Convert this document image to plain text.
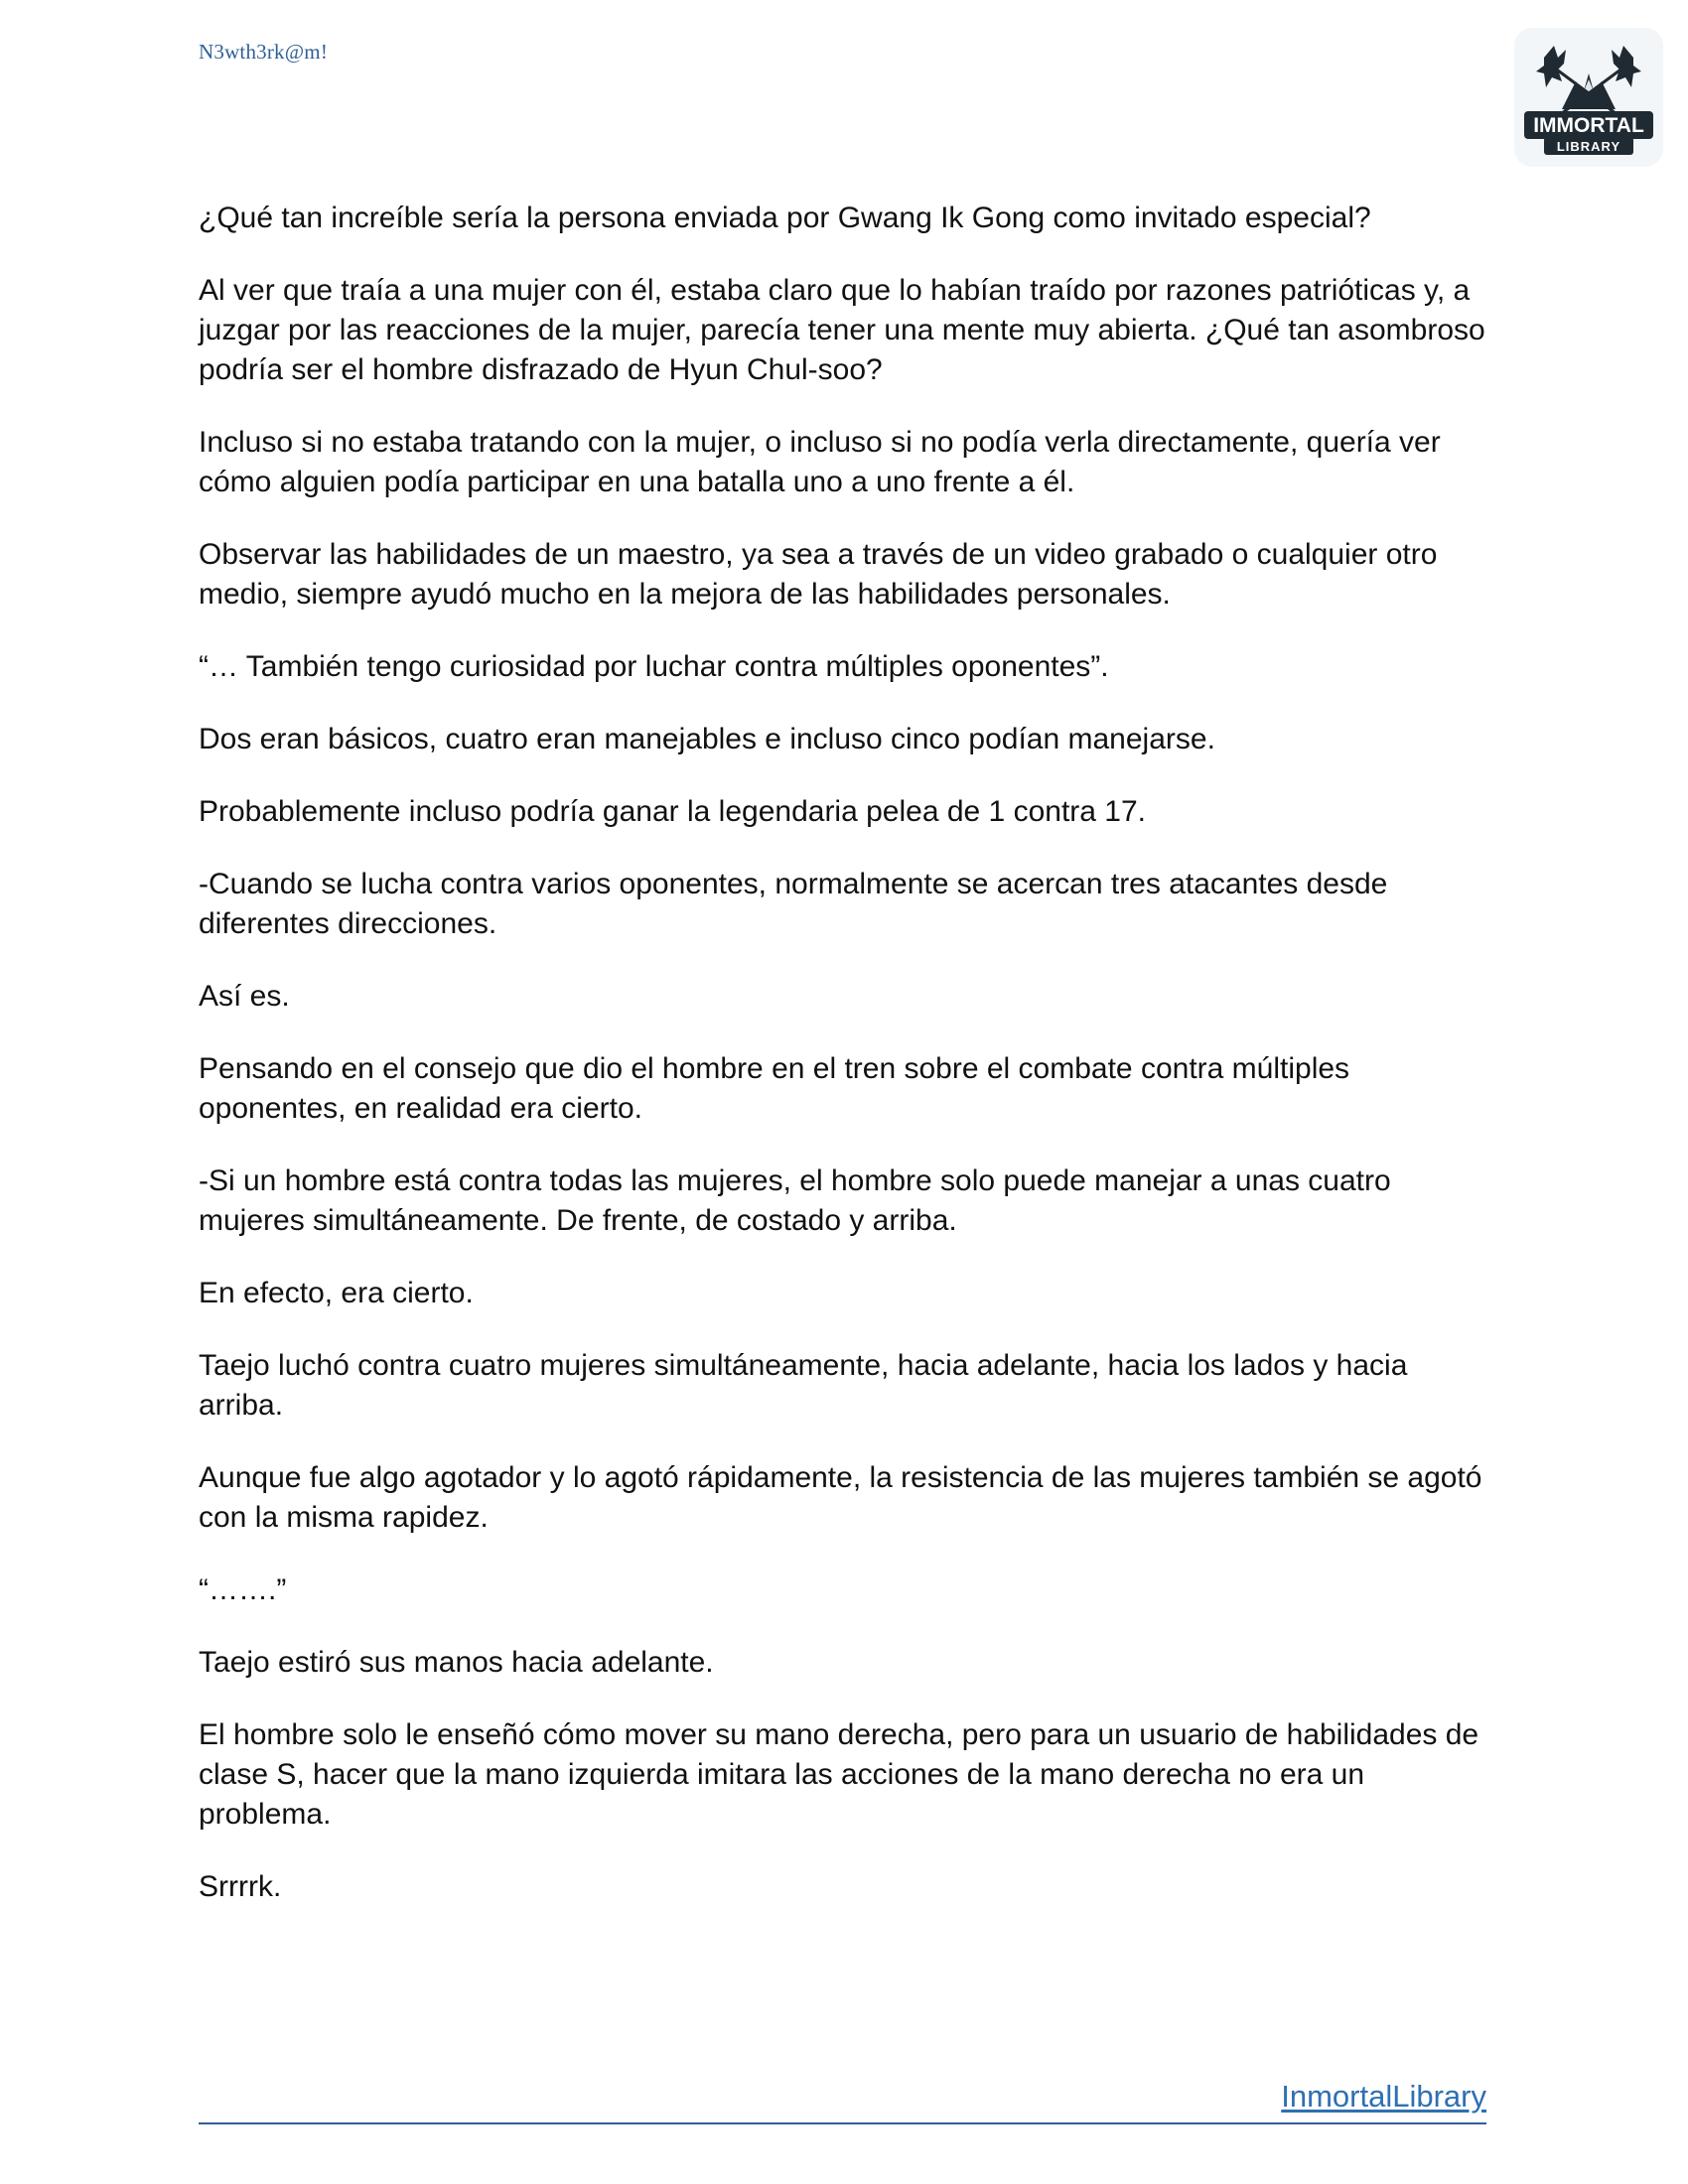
N3wth3rk@m!
IMMORTAL
LIBRARY

¿Qué tan increíble sería la persona enviada por Gwang Ik Gong como invitado especial?

Al ver que traía a una mujer con él, estaba claro que lo habían traído por razones patrióticas y, a juzgar por las reacciones de la mujer, parecía tener una mente muy abierta. ¿Qué tan asombroso podría ser el hombre disfrazado de Hyun Chul-soo?

Incluso si no estaba tratando con la mujer, o incluso si no podía verla directamente, quería ver cómo alguien podía participar en una batalla uno a uno frente a él.

Observar las habilidades de un maestro, ya sea a través de un video grabado o cualquier otro medio, siempre ayudó mucho en la mejora de las habilidades personales.

“… También tengo curiosidad por luchar contra múltiples oponentes”.

Dos eran básicos, cuatro eran manejables e incluso cinco podían manejarse.

Probablemente incluso podría ganar la legendaria pelea de 1 contra 17.

-Cuando se lucha contra varios oponentes, normalmente se acercan tres atacantes desde diferentes direcciones.

Así es.

Pensando en el consejo que dio el hombre en el tren sobre el combate contra múltiples oponentes, en realidad era cierto.

-Si un hombre está contra todas las mujeres, el hombre solo puede manejar a unas cuatro mujeres simultáneamente. De frente, de costado y arriba.

En efecto, era cierto.

Taejo luchó contra cuatro mujeres simultáneamente, hacia adelante, hacia los lados y hacia arriba.

Aunque fue algo agotador y lo agotó rápidamente, la resistencia de las mujeres también se agotó con la misma rapidez.

“…….”

Taejo estiró sus manos hacia adelante.

El hombre solo le enseñó cómo mover su mano derecha, pero para un usuario de habilidades de clase S, hacer que la mano izquierda imitara las acciones de la mano derecha no era un problema.

Srrrrk.

InmortalLibrary
